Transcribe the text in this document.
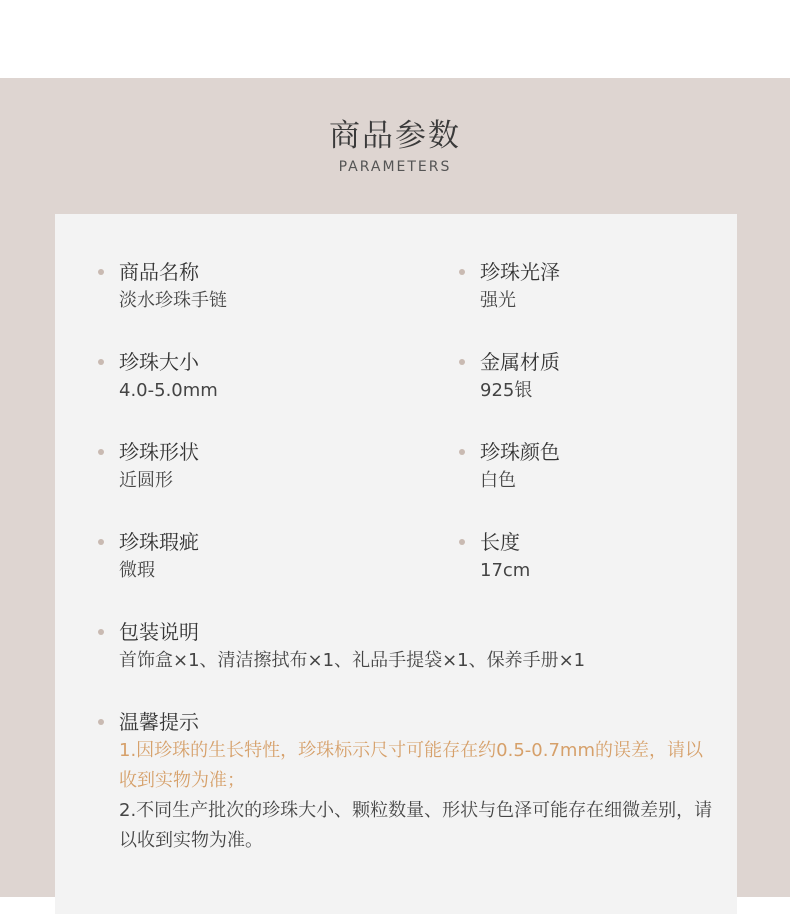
商品参数
PARAMETERS
商品名称
淡水珍珠手链
珍珠大小
4.0-5.0mm
珍珠形状
近圆形
珍珠瑕疵
微瑕
珍珠光泽
强光
金属材质
925银
珍珠颜色
白色
长度
17cm
包装说明
首饰盒×1、清洁擦拭布×1、礼品手提袋×1、保养手册×1
温馨提示
1.因珍珠的生长特性，珍珠标示尺寸可能存在约0.5-0.7mm的误差，请以收到实物为准；
2.不同生产批次的珍珠大小、颗粒数量、形状与色泽可能存在细微差别，请以收到实物为准。
